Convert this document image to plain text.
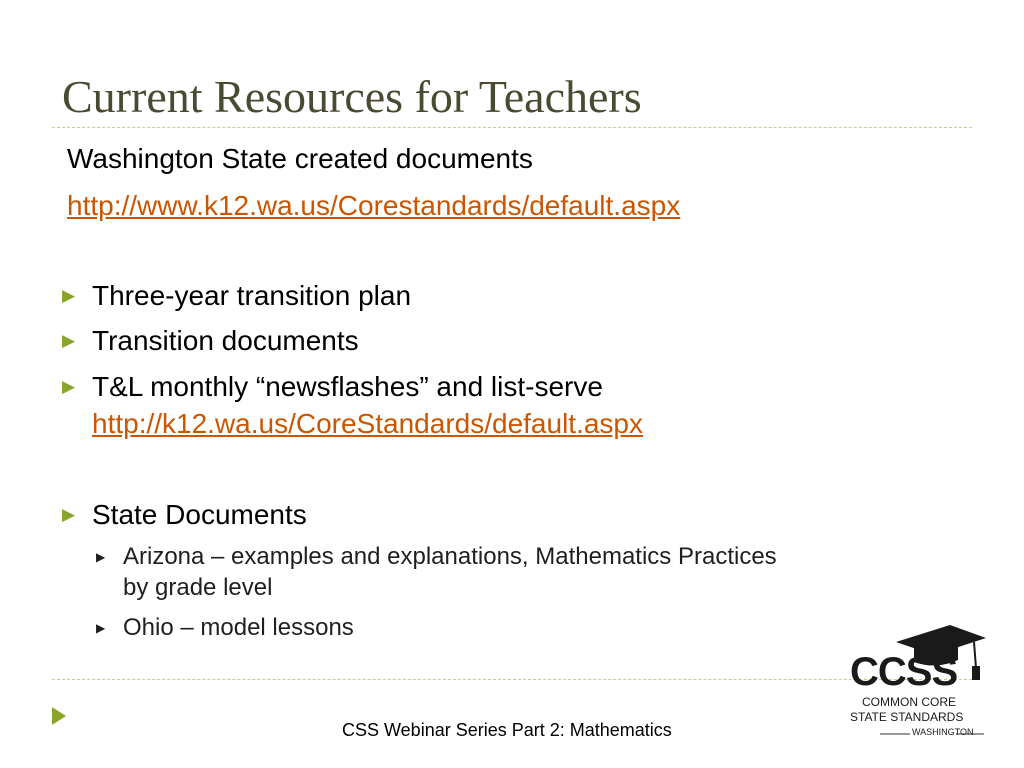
Current Resources for Teachers
Washington State created documents
http://www.k12.wa.us/Corestandards/default.aspx
▶ Three-year transition plan
▶ Transition documents
▶ T&L monthly “newsflashes” and list-serve
http://k12.wa.us/CoreStandards/default.aspx
▶ State Documents
▶ Arizona – examples and explanations, Mathematics Practices
by grade level
▶ Ohio – model lessons
CSS Webinar Series Part 2: Mathematics
CCSS
COMMON CORE
STATE STANDARDS
WASHINGTON
